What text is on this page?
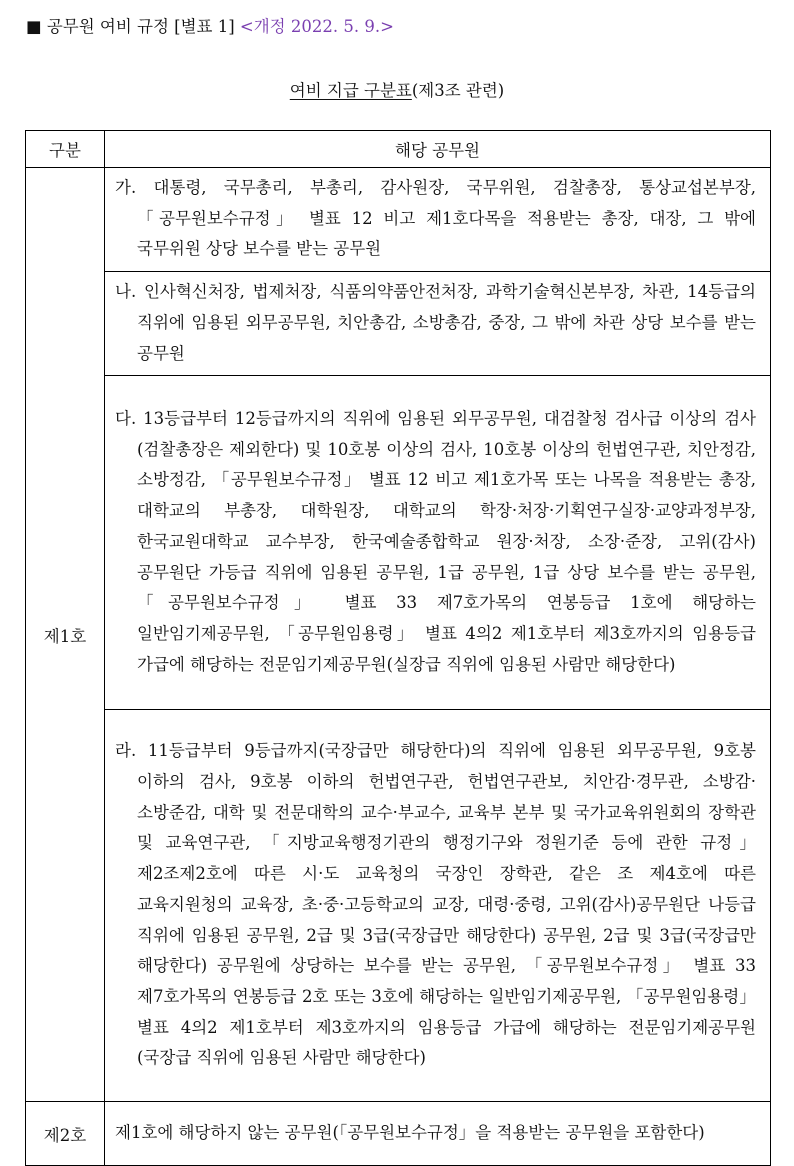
■ 공무원 여비 규정 [별표 1] <개정 2022. 5. 9.>
여비 지급 구분표(제3조 관련)
구분	해당 공무원
제1호	가. 대통령, 국무총리, 부총리, 감사원장, 국무위원, 검찰총장, 통상교섭본부장, 「공무원보수규정」 별표 12 비고 제1호다목을 적용받는 총장, 대장, 그 밖에 국무위원 상당 보수를 받는 공무원

	나. 인사혁신처장, 법제처장, 식품의약품안전처장, 과학기술혁신본부장, 차관, 14등급의 직위에 임용된 외무공무원, 치안총감, 소방총감, 중장, 그 밖에 차관 상당 보수를 받는 공무원

	다. 13등급부터 12등급까지의 직위에 임용된 외무공무원, 대검찰청 검사급 이상의 검사(검찰총장은 제외한다) 및 10호봉 이상의 검사, 10호봉 이상의 헌법연구관, 치안정감, 소방정감, 「공무원보수규정」 별표 12 비고 제1호가목 또는 나목을 적용받는 총장, 대학교의 부총장, 대학원장, 대학교의 학장·처장·기획연구실장·교양과정부장, 한국교원대학교 교수부장, 한국예술종합학교 원장·처장, 소장·준장, 고위(감사)공무원단 가등급 직위에 임용된 공무원, 1급 공무원, 1급 상당 보수를 받는 공무원, 「공무원보수규정」 별표 33 제7호가목의 연봉등급 1호에 해당하는 일반임기제공무원, 「공무원임용령」 별표 4의2 제1호부터 제3호까지의 임용등급 가급에 해당하는 전문임기제공무원(실장급 직위에 임용된 사람만 해당한다)

	라. 11등급부터 9등급까지(국장급만 해당한다)의 직위에 임용된 외무공무원, 9호봉 이하의 검사, 9호봉 이하의 헌법연구관, 헌법연구관보, 치안감·경무관, 소방감·소방준감, 대학 및 전문대학의 교수·부교수, 교육부 본부 및 국가교육위원회의 장학관 및 교육연구관, 「지방교육행정기관의 행정기구와 정원기준 등에 관한 규정」 제2조제2호에 따른 시·도 교육청의 국장인 장학관, 같은 조 제4호에 따른 교육지원청의 교육장, 초·중·고등학교의 교장, 대령·중령, 고위(감사)공무원단 나등급 직위에 임용된 공무원, 2급 및 3급(국장급만 해당한다) 공무원, 2급 및 3급(국장급만 해당한다) 공무원에 상당하는 보수를 받는 공무원, 「공무원보수규정」 별표 33 제7호가목의 연봉등급 2호 또는 3호에 해당하는 일반임기제공무원, 「공무원임용령」 별표 4의2 제1호부터 제3호까지의 임용등급 가급에 해당하는 전문임기제공무원(국장급 직위에 임용된 사람만 해당한다)

제2호	제1호에 해당하지 않는 공무원(「공무원보수규정」을 적용받는 공무원을 포함한다)
